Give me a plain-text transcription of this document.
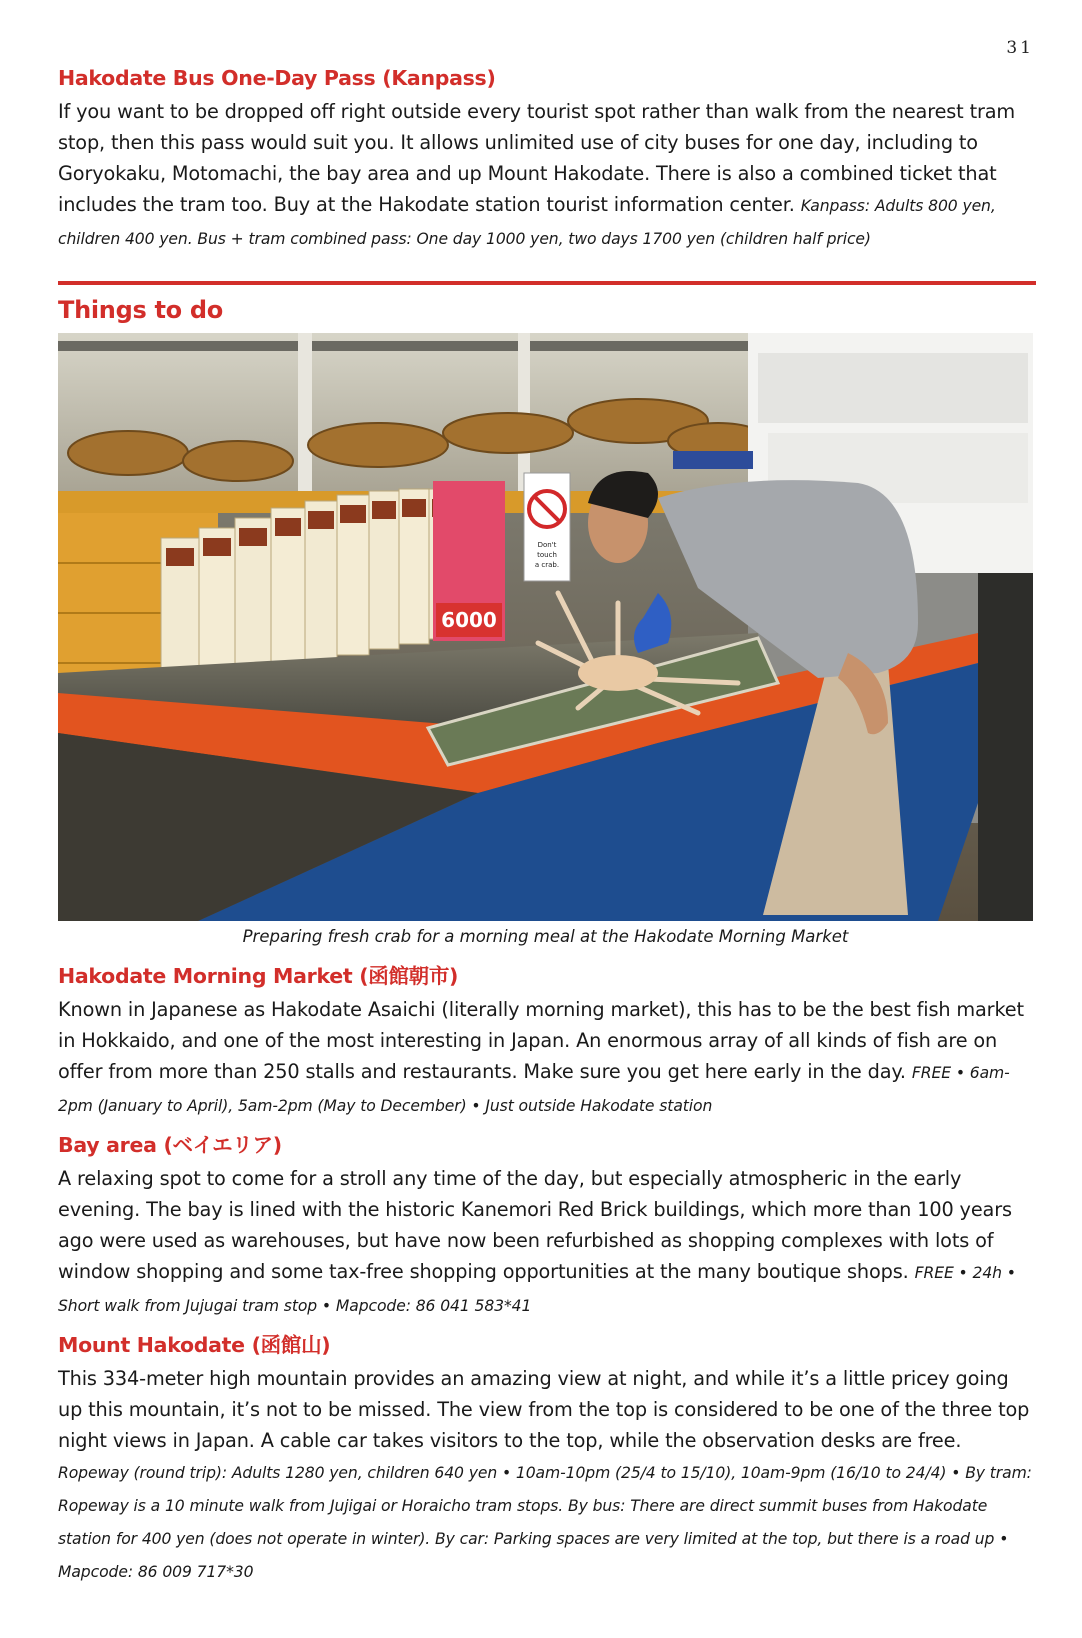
31
Hakodate Bus One-Day Pass (Kanpass)

If you want to be dropped off right outside every tourist spot rather than walk from the nearest tram stop, then this pass would suit you. It allows unlimited use of city buses for one day, including to Goryokaku, Motomachi, the bay area and up Mount Hakodate. There is also a combined ticket that includes the tram too. Buy at the Hakodate station tourist information center. Kanpass: Adults 800 yen, children 400 yen. Bus + tram combined pass: One day 1000 yen, two days 1700 yen (children half price)

Things to do
6000
Don't
touch
a crab.
Preparing fresh crab for a morning meal at the Hakodate Morning Market
Hakodate Morning Market (函館朝市)

Known in Japanese as Hakodate Asaichi (literally morning market), this has to be the best fish market in Hokkaido, and one of the most interesting in Japan. An enormous array of all kinds of fish are on offer from more than 250 stalls and restaurants. Make sure you get here early in the day. FREE • 6am-2pm (January to April), 5am-2pm (May to December) • Just outside Hakodate station

Bay area (ベイエリア)

A relaxing spot to come for a stroll any time of the day, but especially atmospheric in the early evening. The bay is lined with the historic Kanemori Red Brick buildings, which more than 100 years ago were used as warehouses, but have now been refurbished as shopping complexes with lots of window shopping and some tax-free shopping opportunities at the many boutique shops. FREE • 24h • Short walk from Jujugai tram stop • Mapcode: 86 041 583*41

Mount Hakodate (函館山)

This 334-meter high mountain provides an amazing view at night, and while it’s a little pricey going up this mountain, it’s not to be missed. The view from the top is considered to be one of the three top night views in Japan. A cable car takes visitors to the top, while the observation desks are free. Ropeway (round trip): Adults 1280 yen, children 640 yen • 10am-10pm (25/4 to 15/10), 10am-9pm (16/10 to 24/4) • By tram: Ropeway is a 10 minute walk from Jujigai or Horaicho tram stops. By bus: There are direct summit buses from Hakodate station for 400 yen (does not operate in winter). By car: Parking spaces are very limited at the top, but there is a road up • Mapcode: 86 009 717*30
